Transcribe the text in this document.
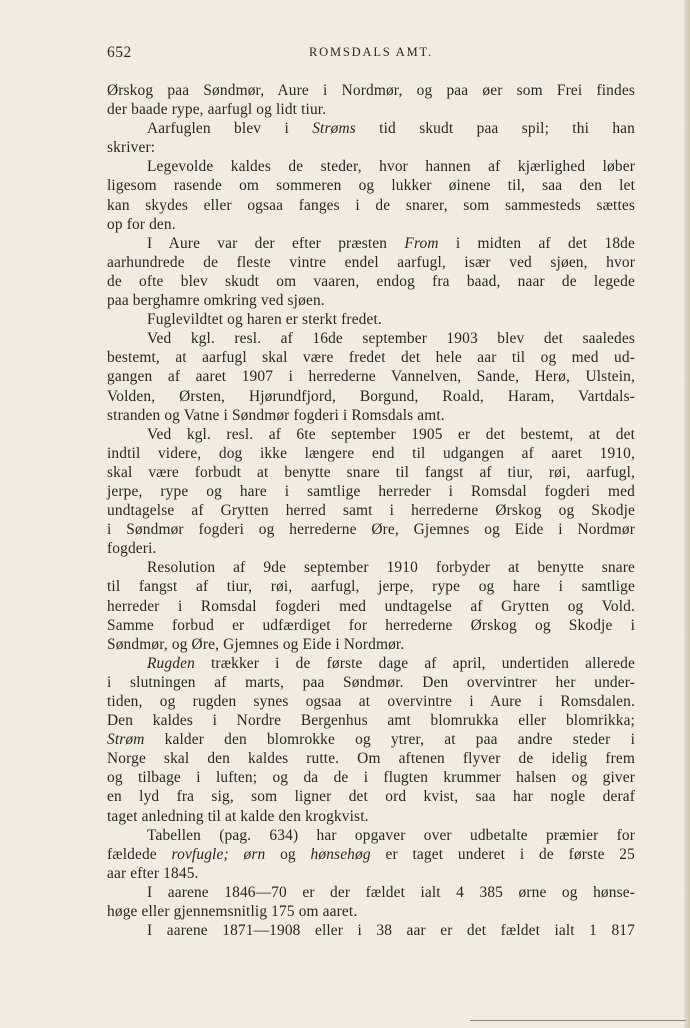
652	ROMSDALS AMT.
Ørskog paa Søndmør, Aure i Nordmør, og paa øer som Frei findes
der baade rype, aarfugl og lidt tiur.
Aarfuglen blev i Strøms tid skudt paa spil; thi han
skriver:
Legevolde kaldes de steder, hvor hannen af kjærlighed løber
ligesom rasende om sommeren og lukker øinene til, saa den let
kan skydes eller ogsaa fanges i de snarer, som sammesteds sættes
op for den.
I Aure var der efter præsten From i midten af det 18de
aarhundrede de fleste vintre endel aarfugl, især ved sjøen, hvor
de ofte blev skudt om vaaren, endog fra baad, naar de legede
paa berghamre omkring ved sjøen.
Fuglevildtet og haren er sterkt fredet.
Ved kgl. resl. af 16de september 1903 blev det saaledes
bestemt, at aarfugl skal være fredet det hele aar til og med ud-
gangen af aaret 1907 i herrederne Vannelven, Sande, Herø, Ulstein,
Volden, Ørsten, Hjørundfjord, Borgund, Roald, Haram, Vartdals-
stranden og Vatne i Søndmør fogderi i Romsdals amt.
Ved kgl. resl. af 6te september 1905 er det bestemt, at det
indtil videre, dog ikke længere end til udgangen af aaret 1910,
skal være forbudt at benytte snare til fangst af tiur, røi, aarfugl,
jerpe, rype og hare i samtlige herreder i Romsdal fogderi med
undtagelse af Grytten herred samt i herrederne Ørskog og Skodje
i Søndmør fogderi og herrederne Øre, Gjemnes og Eide i Nordmør
fogderi.
Resolution af 9de september 1910 forbyder at benytte snare
til fangst af tiur, røi, aarfugl, jerpe, rype og hare i samtlige
herreder i Romsdal fogderi med undtagelse af Grytten og Vold.
Samme forbud er udfærdiget for herrederne Ørskog og Skodje i
Søndmør, og Øre, Gjemnes og Eide i Nordmør.
Rugden trækker i de første dage af april, undertiden allerede
i slutningen af marts, paa Søndmør. Den overvintrer her under-
tiden, og rugden synes ogsaa at overvintre i Aure i Romsdalen.
Den kaldes i Nordre Bergenhus amt blomrukka eller blomrikka;
Strøm kalder den blomrokke og ytrer, at paa andre steder i
Norge skal den kaldes rutte. Om aftenen flyver de idelig frem
og tilbage i luften; og da de i flugten krummer halsen og giver
en lyd fra sig, som ligner det ord kvist, saa har nogle deraf
taget anledning til at kalde den krogkvist.
Tabellen (pag. 634) har opgaver over udbetalte præmier for
fældede rovfugle; ørn og hønsehøg er taget underet i de første 25
aar efter 1845.
I aarene 1846—70 er der fældet ialt 4 385 ørne og hønse-
høge eller gjennemsnitlig 175 om aaret.
I aarene 1871—1908 eller i 38 aar er det fældet ialt 1 817
